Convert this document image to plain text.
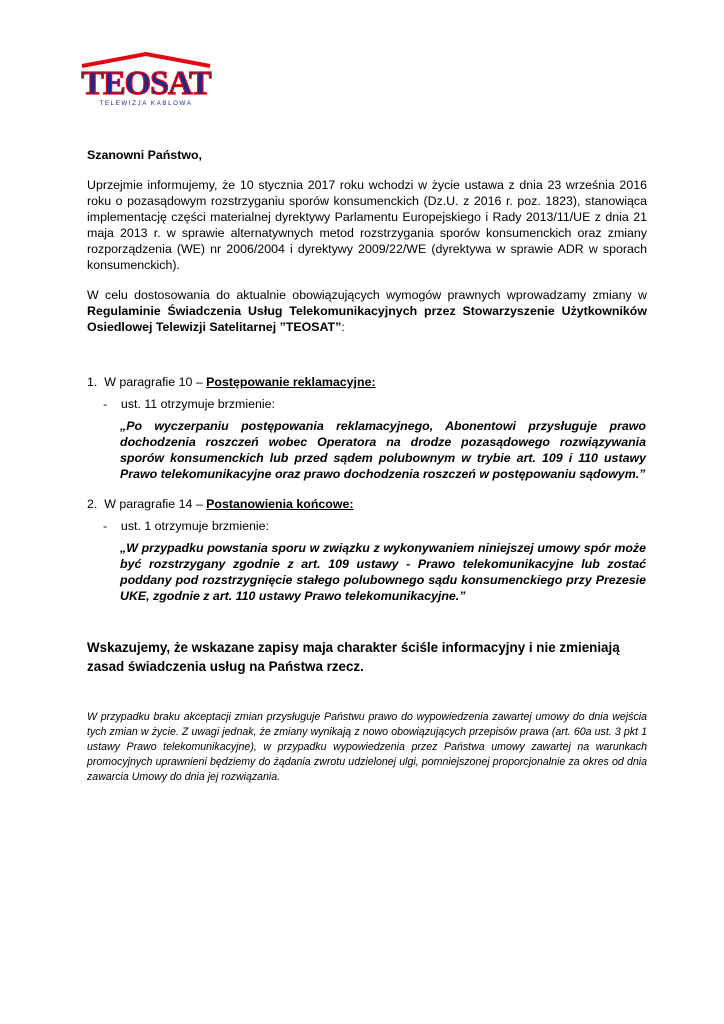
TEOSAT
TELEWIZJA KABLOWA

Szanowni Państwo,

Uprzejmie informujemy, że 10 stycznia 2017 roku wchodzi w życie ustawa z dnia 23 września 2016 roku o pozasądowym rozstrzyganiu sporów konsumenckich (Dz.U. z 2016 r. poz. 1823), stanowiąca implementację części materialnej dyrektywy Parlamentu Europejskiego i Rady 2013/11/UE z dnia 21 maja 2013 r. w sprawie alternatywnych metod rozstrzygania sporów konsumenckich oraz zmiany rozporządzenia (WE) nr 2006/2004 i dyrektywy 2009/22/WE (dyrektywa w sprawie ADR w sporach konsumenckich).

W celu dostosowania do aktualnie obowiązujących wymogów prawnych wprowadzamy zmiany w Regulaminie Świadczenia Usług Telekomunikacyjnych przez Stowarzyszenie Użytkowników Osiedlowej Telewizji Satelitarnej ”TEOSAT”:

1. W paragrafie 10 – Postępowanie reklamacyjne:
- ust. 11 otrzymuje brzmienie:
„Po wyczerpaniu postępowania reklamacyjnego, Abonentowi przysługuje prawo dochodzenia roszczeń wobec Operatora na drodze pozasądowego rozwiązywania sporów konsumenckich lub przed sądem polubownym w trybie art. 109 i 110 ustawy Prawo telekomunikacyjne oraz prawo dochodzenia roszczeń w postępowaniu sądowym.”
2. W paragrafie 14 – Postanowienia końcowe:
- ust. 1 otrzymuje brzmienie:
„W przypadku powstania sporu w związku z wykonywaniem niniejszej umowy spór może być rozstrzygany zgodnie z art. 109 ustawy - Prawo telekomunikacyjne lub zostać poddany pod rozstrzygnięcie stałego polubownego sądu konsumenckiego przy Prezesie UKE, zgodnie z art. 110 ustawy Prawo telekomunikacyjne.”
Wskazujemy, że wskazane zapisy maja charakter ściśle informacyjny i nie zmieniają zasad świadczenia usług na Państwa rzecz.
W przypadku braku akceptacji zmian przysługuje Państwu prawo do wypowiedzenia zawartej umowy do dnia wejścia tych zmian w życie. Z uwagi jednak, że zmiany wynikają z nowo obowiązujących przepisów prawa (art. 60a ust. 3 pkt 1 ustawy Prawo telekomunikacyjne), w przypadku wypowiedzenia przez Państwa umowy zawartej na warunkach promocyjnych uprawnieni będziemy do żądania zwrotu udzielonej ulgi, pomniejszonej proporcjonalnie za okres od dnia zawarcia Umowy do dnia jej rozwiązania.
